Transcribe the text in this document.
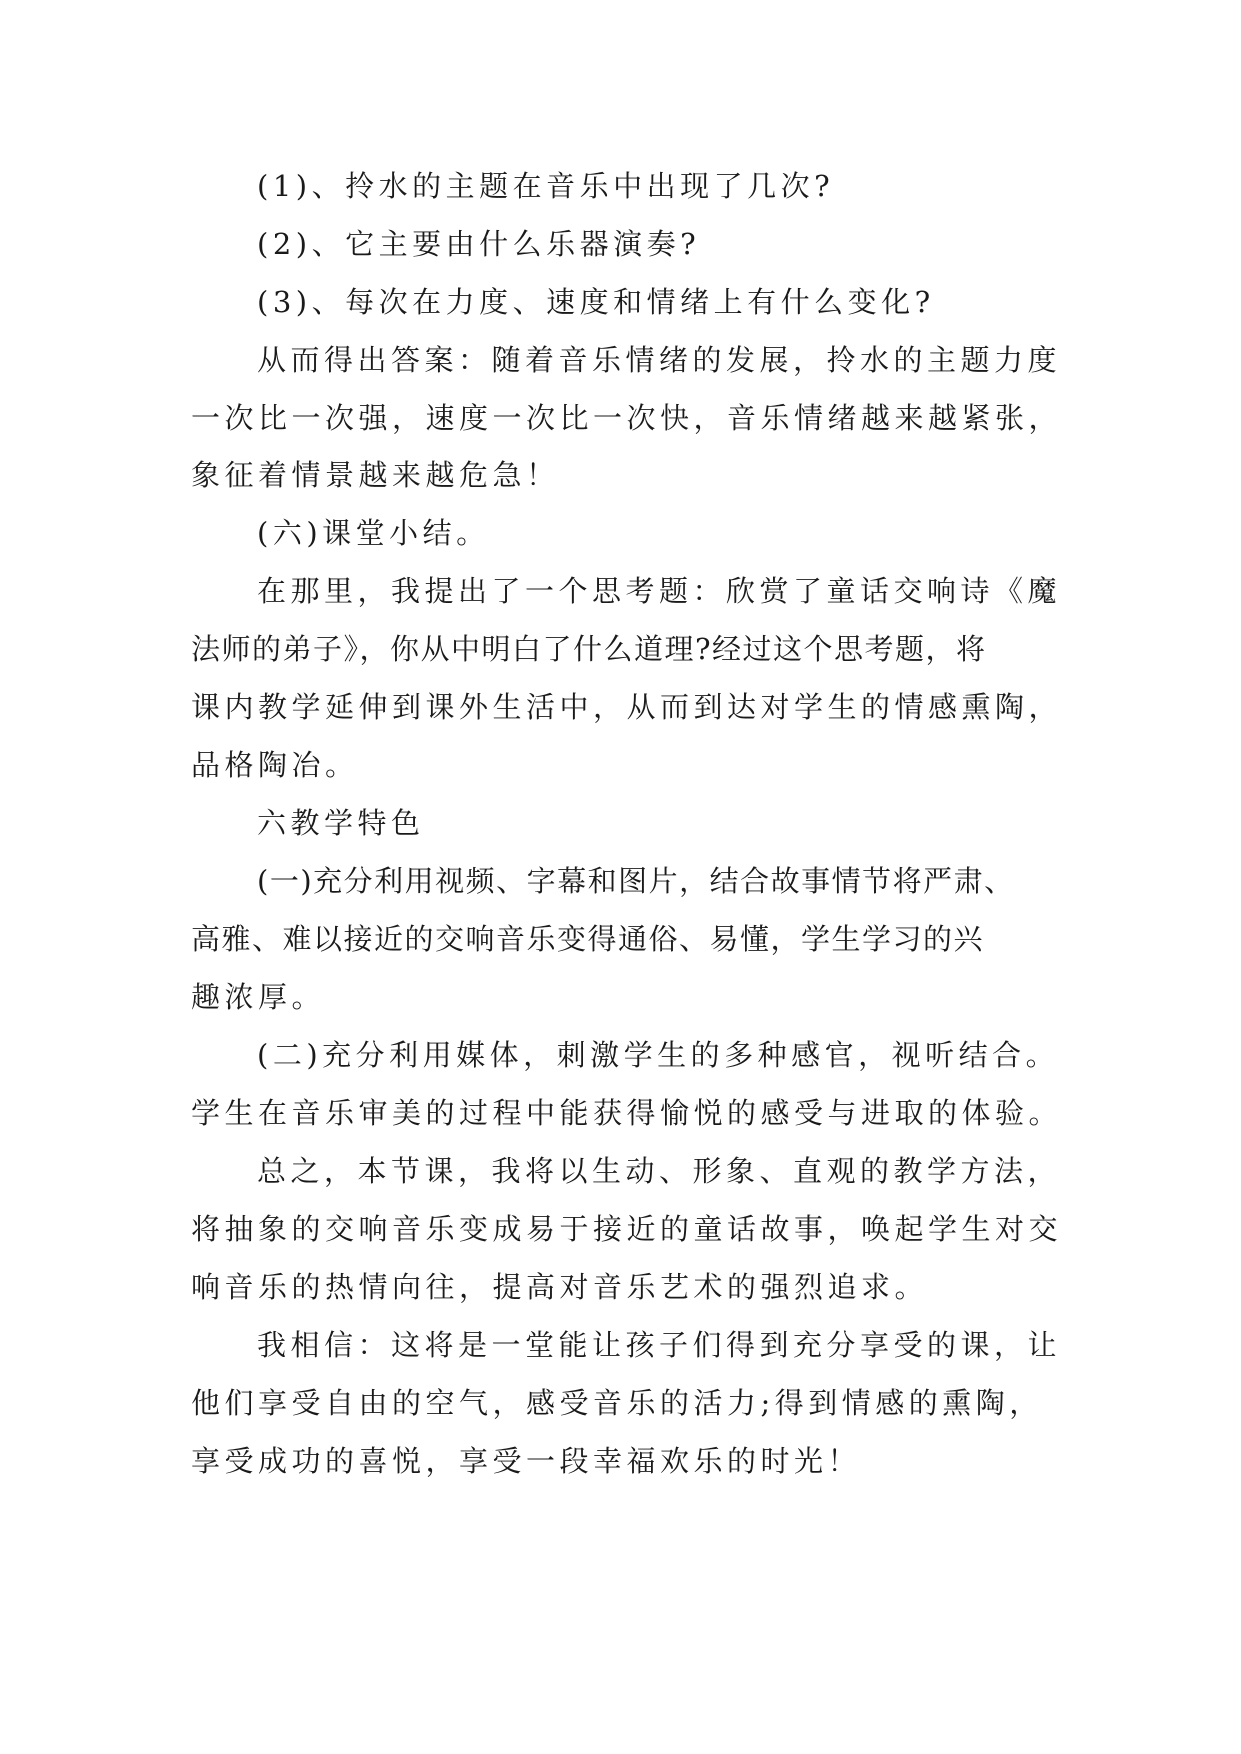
(1)、拎水的主题在音乐中出现了几次?
(2)、它主要由什么乐器演奏?
(3)、每次在力度、速度和情绪上有什么变化?
从而得出答案：随着音乐情绪的发展，拎水的主题力度
一次比一次强，速度一次比一次快，音乐情绪越来越紧张，
象征着情景越来越危急！
(六)课堂小结。
在那里，我提出了一个思考题：欣赏了童话交响诗《魔
法师的弟子》，你从中明白了什么道理?经过这个思考题，将
课内教学延伸到课外生活中，从而到达对学生的情感熏陶，
品格陶冶。
六教学特色
(一)充分利用视频、字幕和图片，结合故事情节将严肃、
高雅、难以接近的交响音乐变得通俗、易懂，学生学习的兴
趣浓厚。
(二)充分利用媒体，刺激学生的多种感官，视听结合。
学生在音乐审美的过程中能获得愉悦的感受与进取的体验。
总之，本节课，我将以生动、形象、直观的教学方法，
将抽象的交响音乐变成易于接近的童话故事，唤起学生对交
响音乐的热情向往，提高对音乐艺术的强烈追求。
我相信：这将是一堂能让孩子们得到充分享受的课，让
他们享受自由的空气，感受音乐的活力;得到情感的熏陶，
享受成功的喜悦，享受一段幸福欢乐的时光！
